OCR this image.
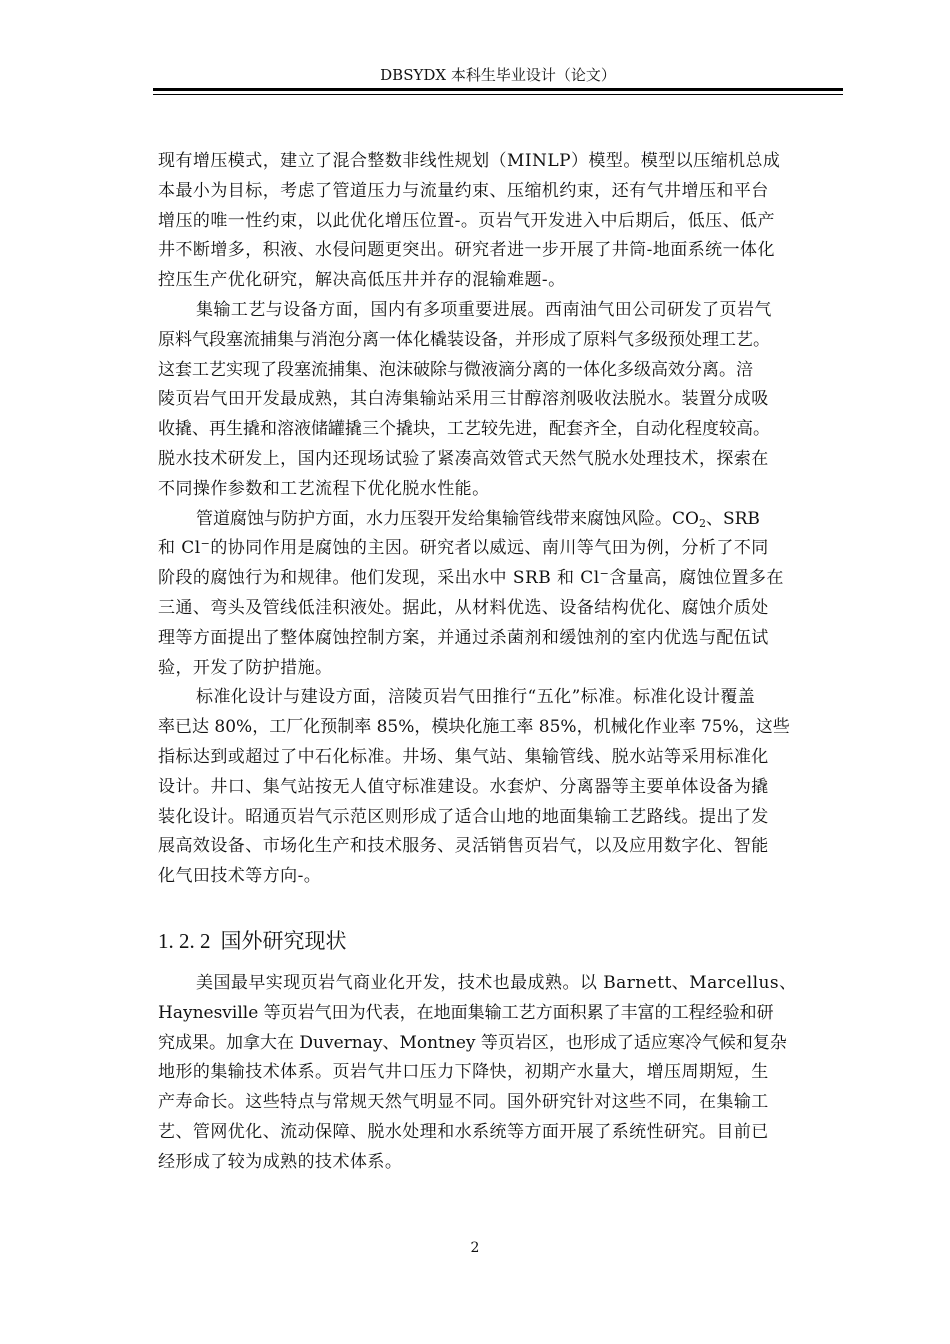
DBSYDX 本科生毕业设计（论文）
现有增压模式，建立了混合整数非线性规划（MINLP）模型。模型以压缩机总成
本最小为目标，考虑了管道压力与流量约束、压缩机约束，还有气井增压和平台
增压的唯一性约束，以此优化增压位置-。页岩气开发进入中后期后，低压、低产
井不断增多，积液、水侵问题更突出。研究者进一步开展了井筒-地面系统一体化
控压生产优化研究，解决高低压井并存的混输难题-。
集输工艺与设备方面，国内有多项重要进展。西南油气田公司研发了页岩气
原料气段塞流捕集与消泡分离一体化橇装设备，并形成了原料气多级预处理工艺。
这套工艺实现了段塞流捕集、泡沫破除与微液滴分离的一体化多级高效分离。涪
陵页岩气田开发最成熟，其白涛集输站采用三甘醇溶剂吸收法脱水。装置分成吸
收撬、再生撬和溶液储罐撬三个撬块，工艺较先进，配套齐全，自动化程度较高。
脱水技术研发上，国内还现场试验了紧凑高效管式天然气脱水处理技术，探索在
不同操作参数和工艺流程下优化脱水性能。
管道腐蚀与防护方面，水力压裂开发给集输管线带来腐蚀风险。$CO_2$、SRB
和 Cl−的协同作用是腐蚀的主因。研究者以威远、南川等气田为例，分析了不同
阶段的腐蚀行为和规律。他们发现，采出水中 SRB 和 Cl−含量高，腐蚀位置多在
三通、弯头及管线低洼积液处。据此，从材料优选、设备结构优化、腐蚀介质处
理等方面提出了整体腐蚀控制方案，并通过杀菌剂和缓蚀剂的室内优选与配伍试
验，开发了防护措施。
标准化设计与建设方面，涪陵页岩气田推行“五化”标准。标准化设计覆盖
率已达 80%，工厂化预制率 85%，模块化施工率 85%，机械化作业率 75%，这些
指标达到或超过了中石化标准。井场、集气站、集输管线、脱水站等采用标准化
设计。井口、集气站按无人值守标准建设。水套炉、分离器等主要单体设备为撬
装化设计。昭通页岩气示范区则形成了适合山地的地面集输工艺路线。提出了发
展高效设备、市场化生产和技术服务、灵活销售页岩气，以及应用数字化、智能
化气田技术等方向-。
1. 2. 2 国外研究现状
美国最早实现页岩气商业化开发，技术也最成熟。以 Barnett、Marcellus、
Haynesville 等页岩气田为代表，在地面集输工艺方面积累了丰富的工程经验和研
究成果。加拿大在 Duvernay、Montney 等页岩区，也形成了适应寒冷气候和复杂
地形的集输技术体系。页岩气井口压力下降快，初期产水量大，增压周期短，生
产寿命长。这些特点与常规天然气明显不同。国外研究针对这些不同，在集输工
艺、管网优化、流动保障、脱水处理和水系统等方面开展了系统性研究。目前已
经形成了较为成熟的技术体系。
2
